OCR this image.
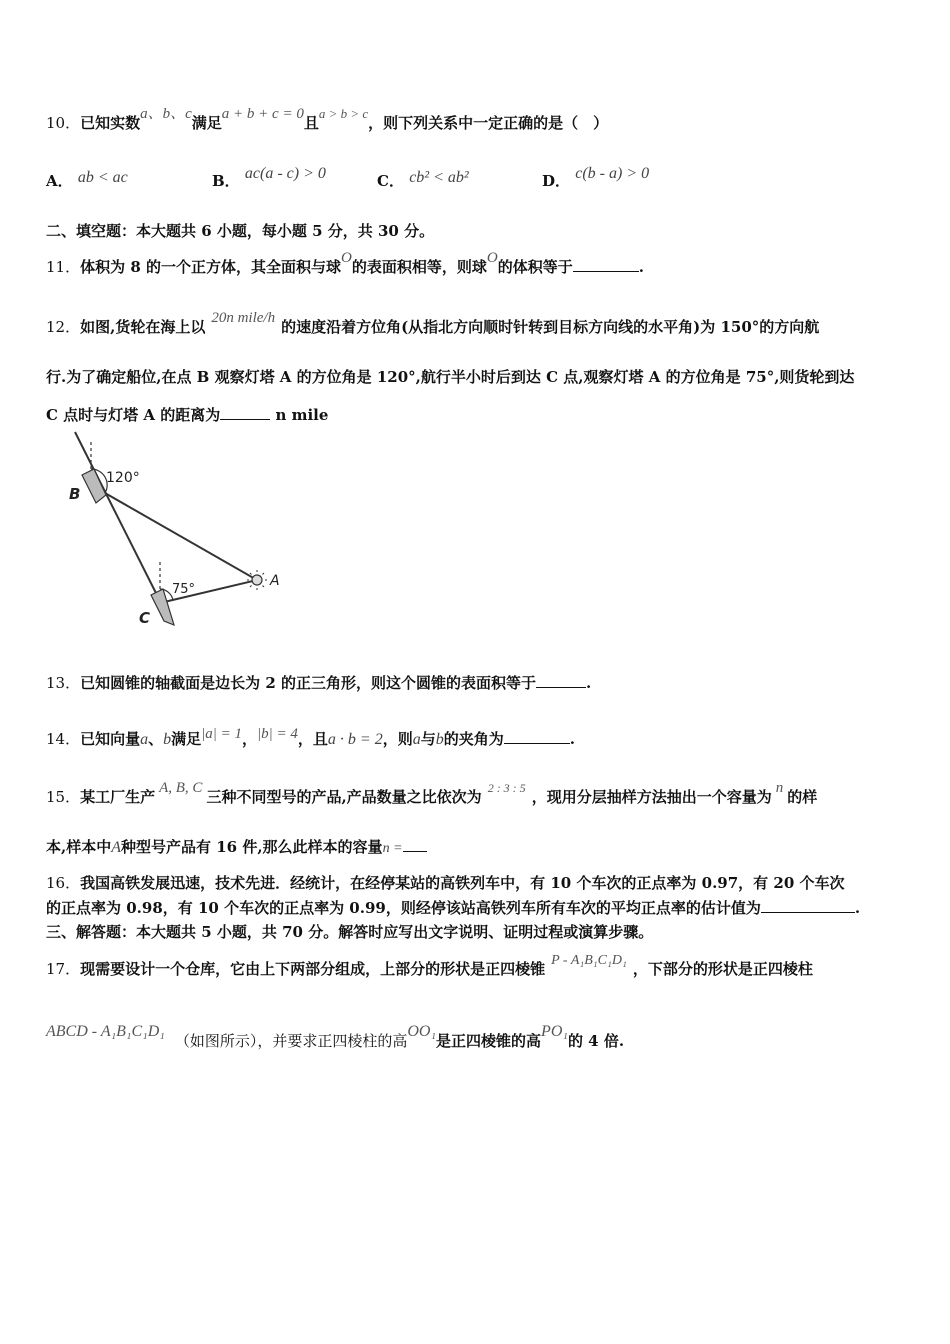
10．已知实数a、b、c满足a + b + c = 0且a > b > c，则下列关系中一定正确的是（　）
A． ab < ac	B． ac(a - c) > 0	C． cb² < ab²	D． c(b - a) > 0
二、填空题：本大题共 6 小题，每小题 5 分，共 30 分。
11．体积为 8 的一个正方体，其全面积与球O的表面积相等，则球O的体积等于	.
12．如图,货轮在海上以 20n mile/h 的速度沿着方位角(从指北方向顺时针转到目标方向线的水平角)为 150°的方向航
行.为了确定船位,在点 B 观察灯塔 A 的方位角是 120°,航行半小时后到达 C 点,观察灯塔 A 的方位角是 75°,则货轮到达
C 点时与灯塔 A 的距离为	n mile
120°
75°
B
C
A
13．已知圆锥的轴截面是边长为 2 的正三角形，则这个圆锥的表面积等于	.
14．已知向量a、b满足|a| = 1，|b| = 4，且a · b = 2，则a与b的夹角为	.
15．某工厂生产 A, B, C 三种不同型号的产品,产品数量之比依次为 $^{2 : 3 : 5}$ ，现用分层抽样方法抽出一个容量为 n 的样
本,样本中A种型号产品有 16 件,那么此样本的容量n =
16．我国高铁发展迅速，技术先进．经统计，在经停某站的高铁列车中，有 10 个车次的正点率为 0.97，有 20 个车次
的正点率为 0.98，有 10 个车次的正点率为 0.99，则经停该站高铁列车所有车次的平均正点率的估计值为	.
三、解答题：本大题共 5 小题，共 70 分。解答时应写出文字说明、证明过程或演算步骤。
17．现需要设计一个仓库，它由上下两部分组成，上部分的形状是正四棱锥 P - A₁B₁C₁D₁ ，下部分的形状是正四棱柱
ABCD - A₁B₁C₁D₁（如图所示），并要求正四棱柱的高OO₁是正四棱锥的高PO₁的 4 倍.
